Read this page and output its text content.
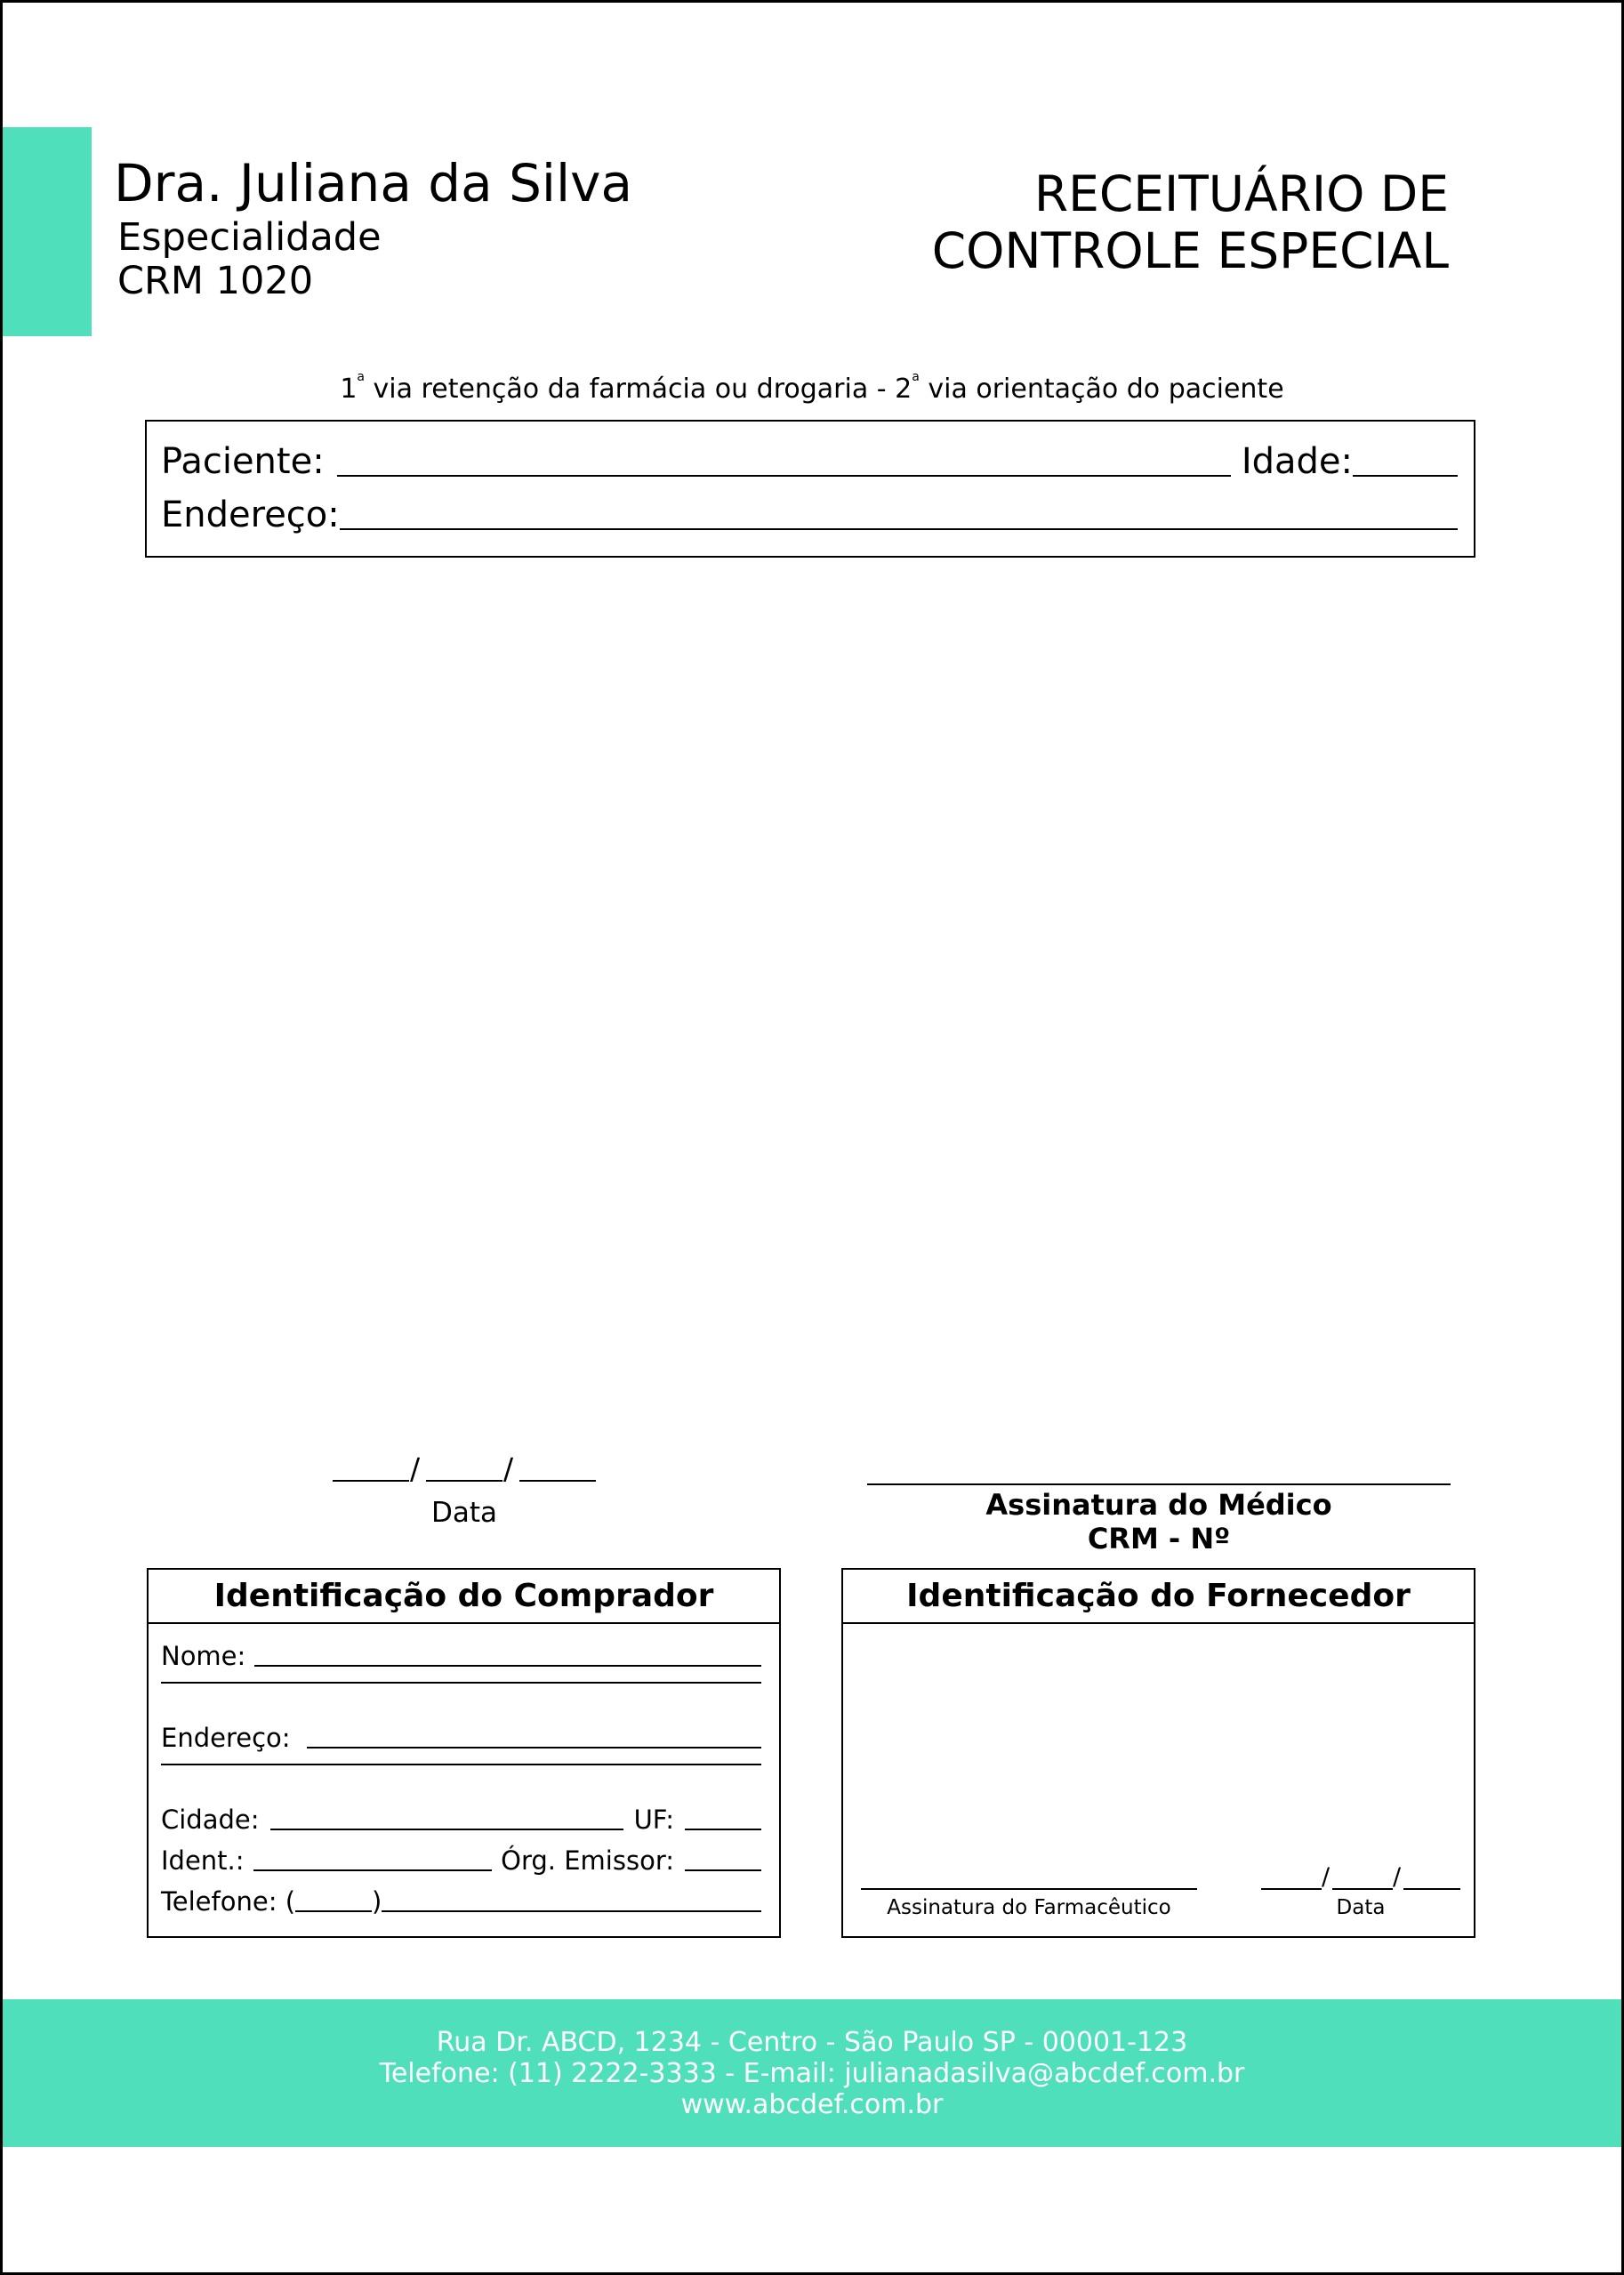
Dra. Juliana da Silva
Especialidade
CRM 1020
RECEITUÁRIO DE
CONTROLE ESPECIAL
1$^a$ via retenção da farmácia ou drogaria - 2$^a$ via orientação do paciente
Paciente:	Idade:
Endereço:
/	/
Data	Assinatura do Médico
CRM - Nº
Identificação do Comprador
Nome:
Endereço:
Cidade:	UF:
Ident.:	Órg. Emissor:
Telefone: (	)
Identificação do Fornecedor
Assinatura do Farmacêutico
/	/
Data
Rua Dr. ABCD, 1234 - Centro - São Paulo SP - 00001-123
Telefone: (11) 2222-3333 - E-mail: julianadasilva@abcdef.com.br
www.abcdef.com.br
